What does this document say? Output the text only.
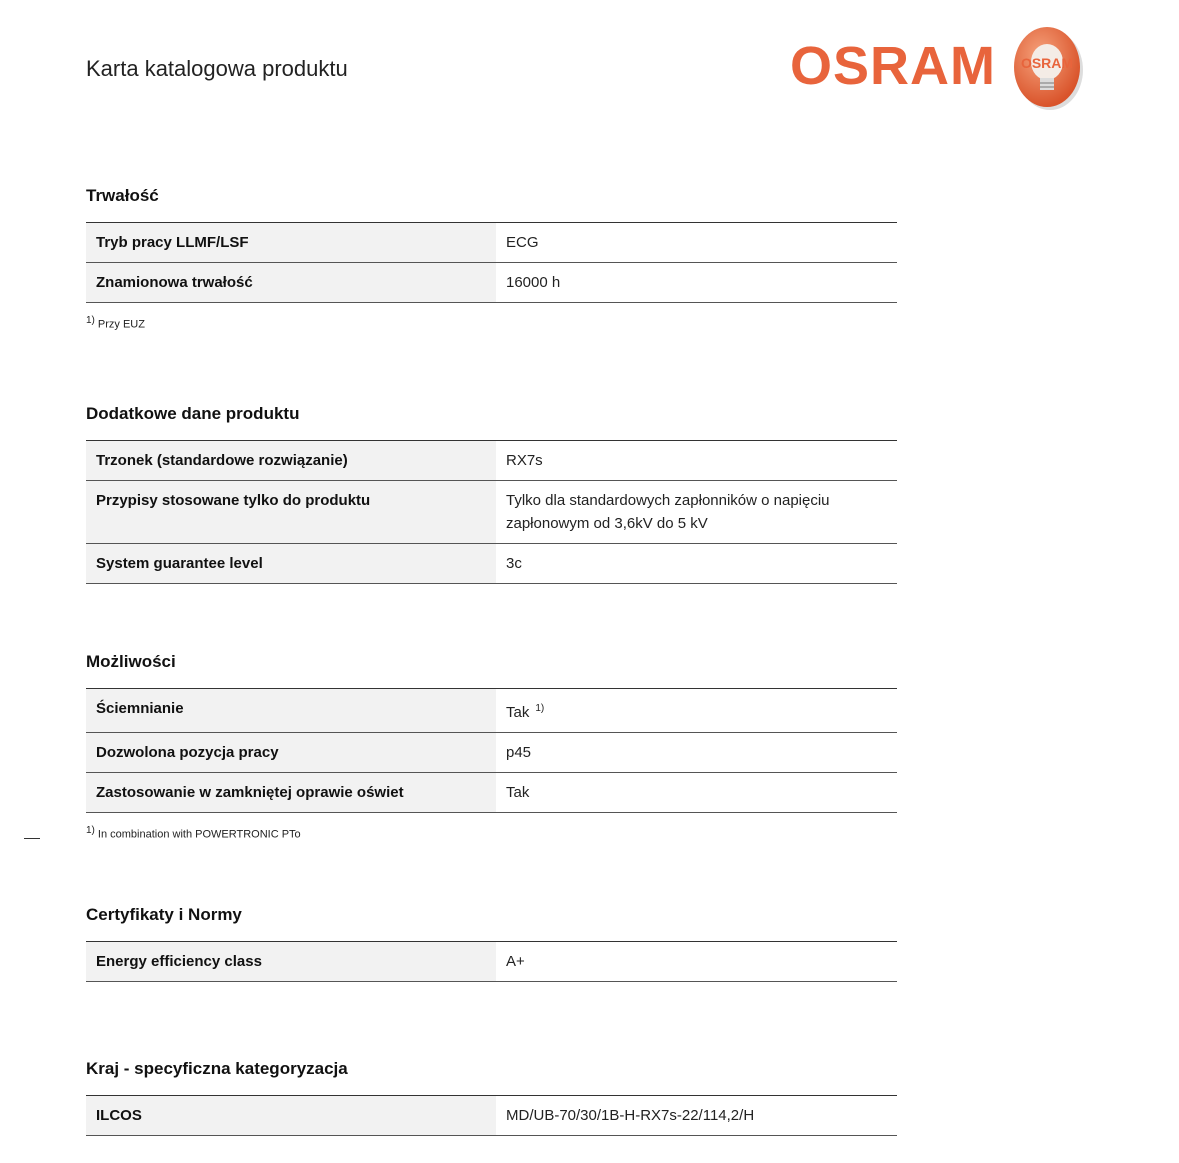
Karta katalogowa produktu	OSRAM OSRAM
Trwałość
Tryb pracy LLMF/LSF	ECG
Znamionowa trwałość	16000 h
$^{1)}$ Przy EUZ
Dodatkowe dane produktu
Trzonek (standardowe rozwiązanie)	RX7s
Przypisy stosowane tylko do produktu	Tylko dla standardowych zapłonników o napięciu zapłonowym od 3,6kV do 5 kV
System guarantee level	3c
Możliwości
Ściemnianie	Tak $^{1)}$
Dozwolona pozycja pracy	p45
Zastosowanie w zamkniętej oprawie oświet	Tak
$^{1)}$ In combination with POWERTRONIC PTo
Certyfikaty i Normy
Energy efficiency class	A+
Kraj - specyficzna kategoryzacja
ILCOS	MD/UB-70/30/1B-H-RX7s-22/114,2/H
